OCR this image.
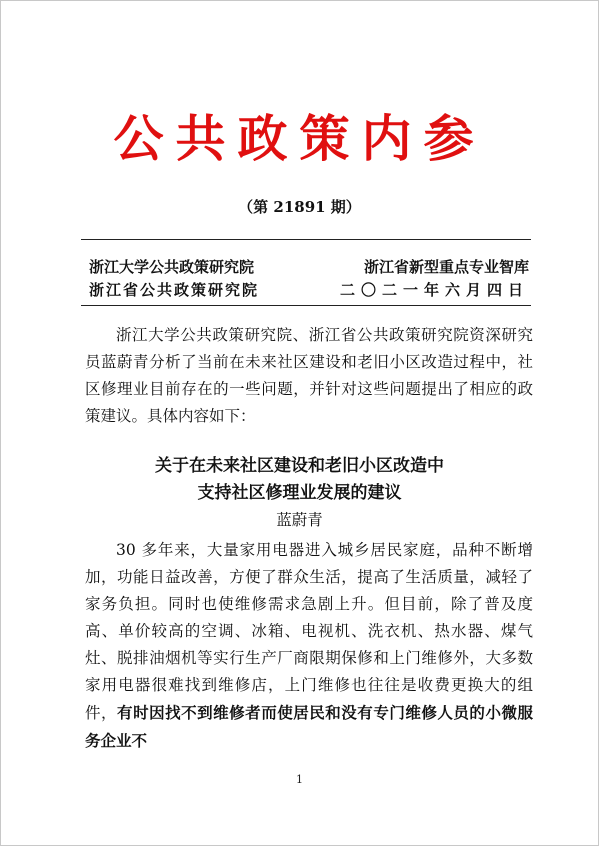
公共政策内参
（第 21891 期）
浙江大学公共政策研究院	浙江省新型重点专业智库
浙江省公共政策研究院	二〇二一年六月四日
浙江大学公共政策研究院、浙江省公共政策研究院资深研究员蓝蔚青分析了当前在未来社区建设和老旧小区改造过程中，社区修理业目前存在的一些问题，并针对这些问题提出了相应的政策建议。具体内容如下：
关于在未来社区建设和老旧小区改造中
支持社区修理业发展的建议
蓝蔚青
30 多年来，大量家用电器进入城乡居民家庭，品种不断增加，功能日益改善，方便了群众生活，提高了生活质量，减轻了家务负担。同时也使维修需求急剧上升。但目前，除了普及度高、单价较高的空调、冰箱、电视机、洗衣机、热水器、煤气灶、脱排油烟机等实行生产厂商限期保修和上门维修外，大多数家用电器很难找到维修店，上门维修也往往是收费更换大的组件，有时因找不到维修者而使居民和没有专门维修人员的小微服务企业不
1
